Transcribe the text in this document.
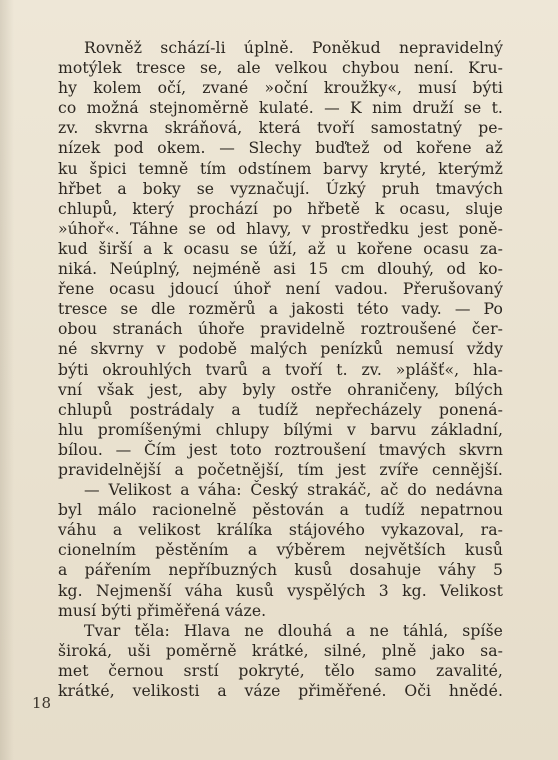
Rovněž schází-li úplně. Poněkud nepravidelný
motýlek tresce se, ale velkou chybou není. Kru-
hy kolem očí, zvané »oční kroužky«, musí býti
co možná stejnoměrně kulaté. — K nim druží se t.
zv. skvrna skráňová, která tvoří samostatný pe-
nízek pod okem. — Slechy buďtež od kořene až
ku špici temně tím odstínem barvy kryté, kterýmž
hřbet a boky se vyznačují. Úzký pruh tmavých
chlupů, který prochází po hřbetě k ocasu, sluje
»úhoř«. Táhne se od hlavy, v prostředku jest poně-
kud širší a k ocasu se úží, až u kořene ocasu za-
niká. Neúplný, nejméně asi 15 cm dlouhý, od ko-
řene ocasu jdoucí úhoř není vadou. Přerušovaný
tresce se dle rozměrů a jakosti této vady. — Po
obou stranách úhoře pravidelně roztroušené čer-
né skvrny v podobě malých penízků nemusí vždy
býti okrouhlých tvarů a tvoří t. zv. »plášť«, hla-
vní však jest, aby byly ostře ohraničeny, bílých
chlupů postrádaly a tudíž nepřecházely ponená-
hlu promíšenými chlupy bílými v barvu základní,
bílou. — Čím jest toto roztroušení tmavých skvrn
pravidelnější a početnější, tím jest zvíře cennější.
— Velikost a váha: Český strakáč, ač do nedávna
byl málo racionelně pěstován a tudíž nepatrnou
váhu a velikost králíka stájového vykazoval, ra-
cionelním pěstěním a výběrem největších kusů
a pářením nepříbuzných kusů dosahuje váhy 5
kg. Nejmenší váha kusů vyspělých 3 kg. Velikost
musí býti přiměřená váze.
Tvar těla: Hlava ne dlouhá a ne táhlá, spíše
široká, uši poměrně krátké, silné, plně jako sa-
met černou srstí pokryté, tělo samo zavalité,
krátké, velikosti a váze přiměřené. Oči hnědé.
18
